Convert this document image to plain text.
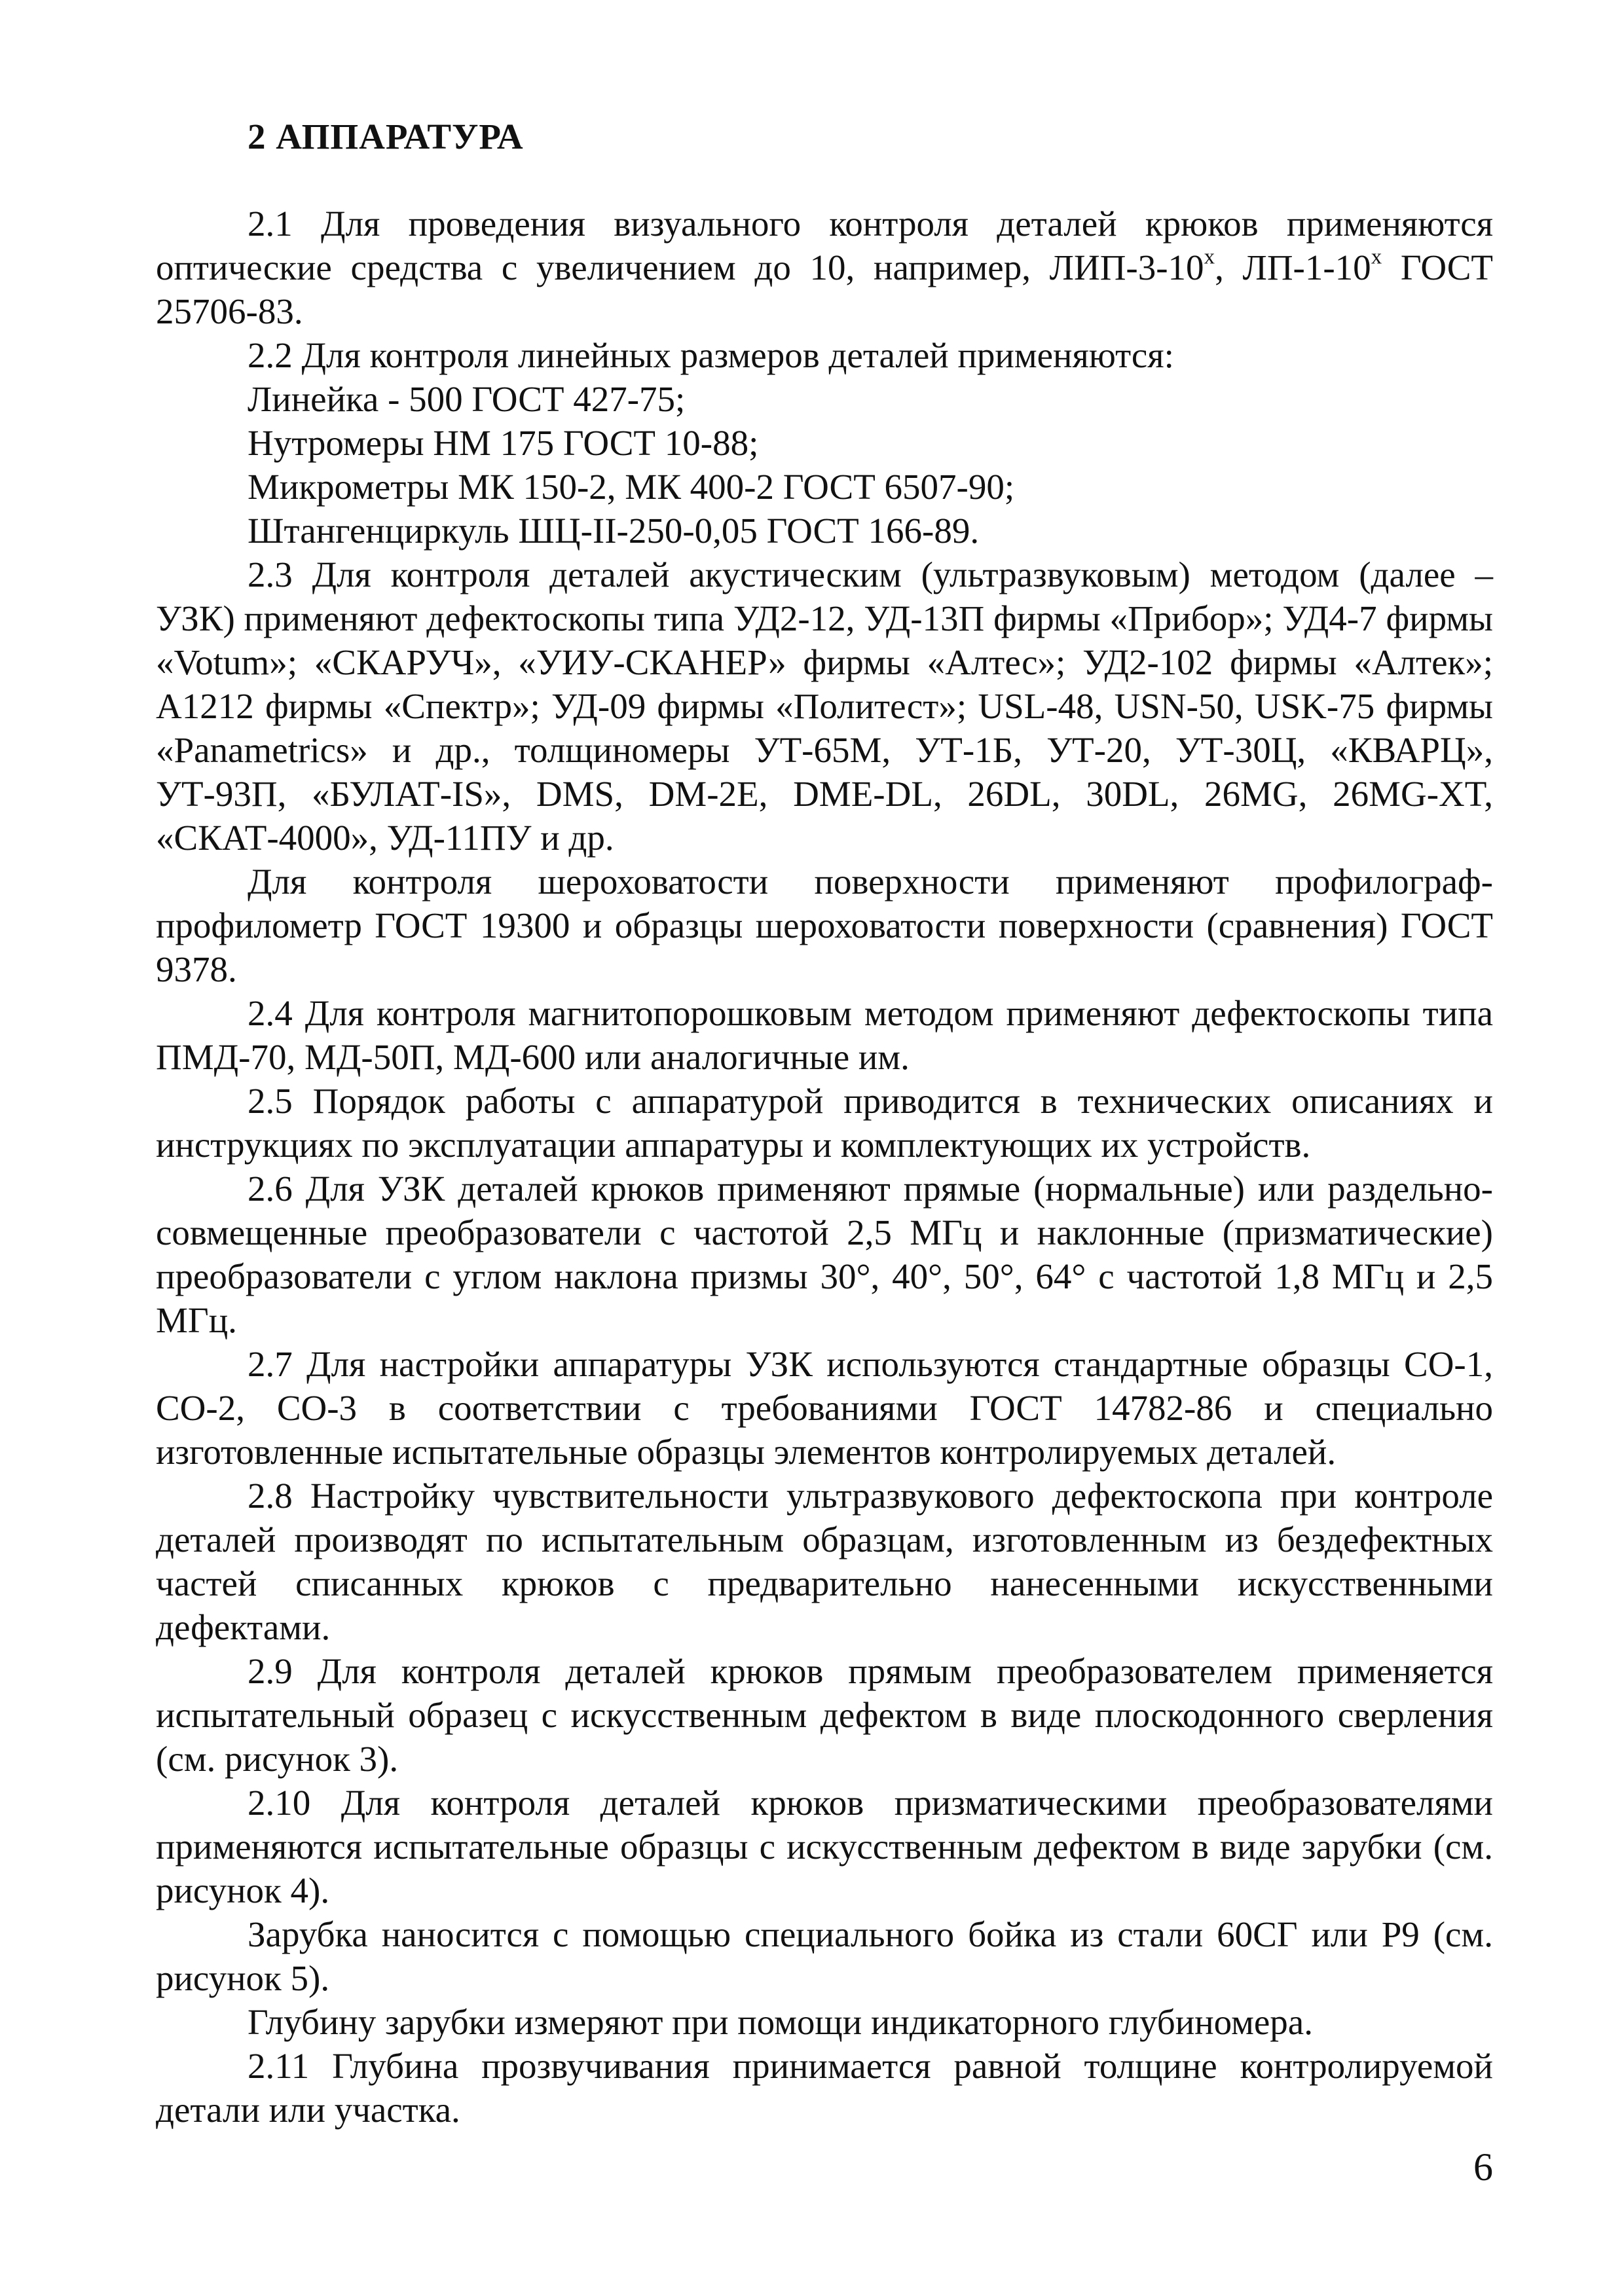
2 АППАРАТУРА

2.1 Для проведения визуального контроля деталей крюков применяются оптические средства с увеличением до 10, например, ЛИП-3-10$^x$, ЛП-1-10$^x$ ГОСТ 25706-83.

2.2 Для контроля линейных размеров деталей применяются:

Линейка - 500 ГОСТ 427-75;

Нутромеры НМ 175 ГОСТ 10-88;

Микрометры МК 150-2, МК 400-2 ГОСТ 6507-90;

Штангенциркуль ШЦ-II-250-0,05 ГОСТ 166-89.

2.3 Для контроля деталей акустическим (ультразвуковым) методом (далее – УЗК) применяют дефектоскопы типа УД2-12, УД-13П фирмы «Прибор»; УД4-7 фирмы «Votum»; «СКАРУЧ», «УИУ-СКАНЕР» фирмы «Алтес»; УД2-102 фирмы «Алтек»; А1212 фирмы «Спектр»; УД-09 фирмы «Политест»; USL-48, USN-50, USK-75 фирмы «Panametrics» и др., толщиномеры УТ-65М, УТ-1Б, УТ-20, УТ-30Ц, «КВАРЦ», УТ-93П, «БУЛАТ-IS», DMS, DM-2E, DME-DL, 26DL, 30DL, 26MG, 26MG-XT, «СКАТ-4000», УД-11ПУ и др.

Для контроля шероховатости поверхности применяют профилограф-профилометр ГОСТ 19300 и образцы шероховатости поверхности (сравнения) ГОСТ 9378.

2.4 Для контроля магнитопорошковым методом применяют дефектоскопы типа ПМД-70, МД-50П, МД-600 или аналогичные им.

2.5 Порядок работы с аппаратурой приводится в технических описаниях и инструкциях по эксплуатации аппаратуры и комплектующих их устройств.

2.6 Для УЗК деталей крюков применяют прямые (нормальные) или раздельно-совмещенные преобразователи с частотой 2,5 МГц и наклонные (призматические) преобразователи с углом наклона призмы 30°, 40°, 50°, 64° с частотой 1,8 МГц и 2,5 МГц.

2.7 Для настройки аппаратуры УЗК используются стандартные образцы СО-1, СО-2, СО-3 в соответствии с требованиями ГОСТ 14782-86 и специально изготовленные испытательные образцы элементов контролируемых деталей.

2.8 Настройку чувствительности ультразвукового дефектоскопа при контроле деталей производят по испытательным образцам, изготовленным из бездефектных частей списанных крюков с предварительно нанесенными искусственными дефектами.

2.9 Для контроля деталей крюков прямым преобразователем применяется испытательный образец с искусственным дефектом в виде плоскодонного сверления (см. рисунок 3).

2.10 Для контроля деталей крюков призматическими преобразователями применяются испытательные образцы с искусственным дефектом в виде зарубки (см. рисунок 4).

Зарубка наносится с помощью специального бойка из стали 60СГ или Р9 (см. рисунок 5).

Глубину зарубки измеряют при помощи индикаторного глубиномера.

2.11 Глубина прозвучивания принимается равной толщине контролируемой детали или участка.

6
